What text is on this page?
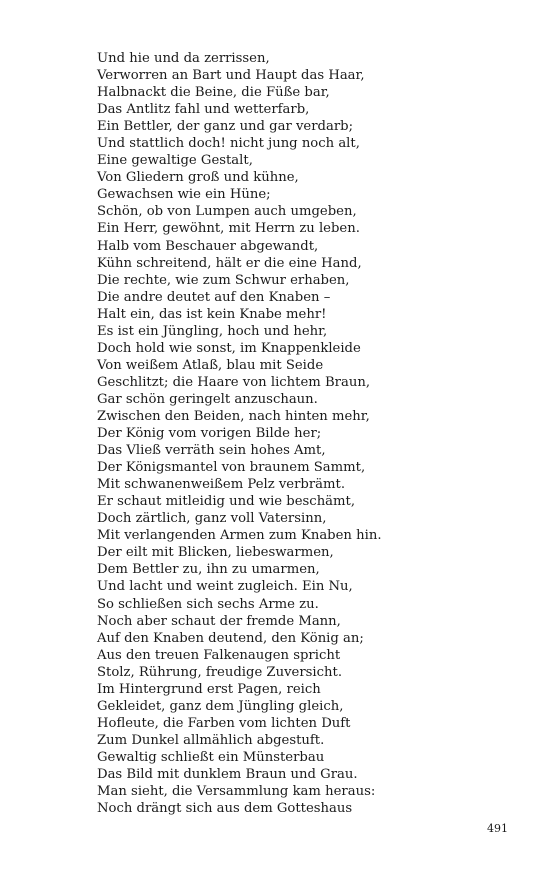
Und hie und da zerrissen,
Verworren an Bart und Haupt das Haar,
Halbnackt die Beine, die Füße bar,
Das Antlitz fahl und wetterfarb,
Ein Bettler, der ganz und gar verdarb;
Und stattlich doch! nicht jung noch alt,
Eine gewaltige Gestalt,
Von Gliedern groß und kühne,
Gewachsen wie ein Hüne;
Schön, ob von Lumpen auch umgeben,
Ein Herr, gewöhnt, mit Herrn zu leben.
Halb vom Beschauer abgewandt,
Kühn schreitend, hält er die eine Hand,
Die rechte, wie zum Schwur erhaben,
Die andre deutet auf den Knaben –
Halt ein, das ist kein Knabe mehr!
Es ist ein Jüngling, hoch und hehr,
Doch hold wie sonst, im Knappenkleide
Von weißem Atlaß, blau mit Seide
Geschlitzt; die Haare von lichtem Braun,
Gar schön geringelt anzuschaun.
Zwischen den Beiden, nach hinten mehr,
Der König vom vorigen Bilde her;
Das Vließ verräth sein hohes Amt,
Der Königsmantel von braunem Sammt,
Mit schwanenweißem Pelz verbrämt.
Er schaut mitleidig und wie beschämt,
Doch zärtlich, ganz voll Vatersinn,
Mit verlangenden Armen zum Knaben hin.
Der eilt mit Blicken, liebeswarmen,
Dem Bettler zu, ihn zu umarmen,
Und lacht und weint zugleich. Ein Nu,
So schließen sich sechs Arme zu.
Noch aber schaut der fremde Mann,
Auf den Knaben deutend, den König an;
Aus den treuen Falkenaugen spricht
Stolz, Rührung, freudige Zuversicht.
Im Hintergrund erst Pagen, reich
Gekleidet, ganz dem Jüngling gleich,
Hofleute, die Farben vom lichten Duft
Zum Dunkel allmählich abgestuft.
Gewaltig schließt ein Münsterbau
Das Bild mit dunklem Braun und Grau.
Man sieht, die Versammlung kam heraus:
Noch drängt sich aus dem Gotteshaus
491
